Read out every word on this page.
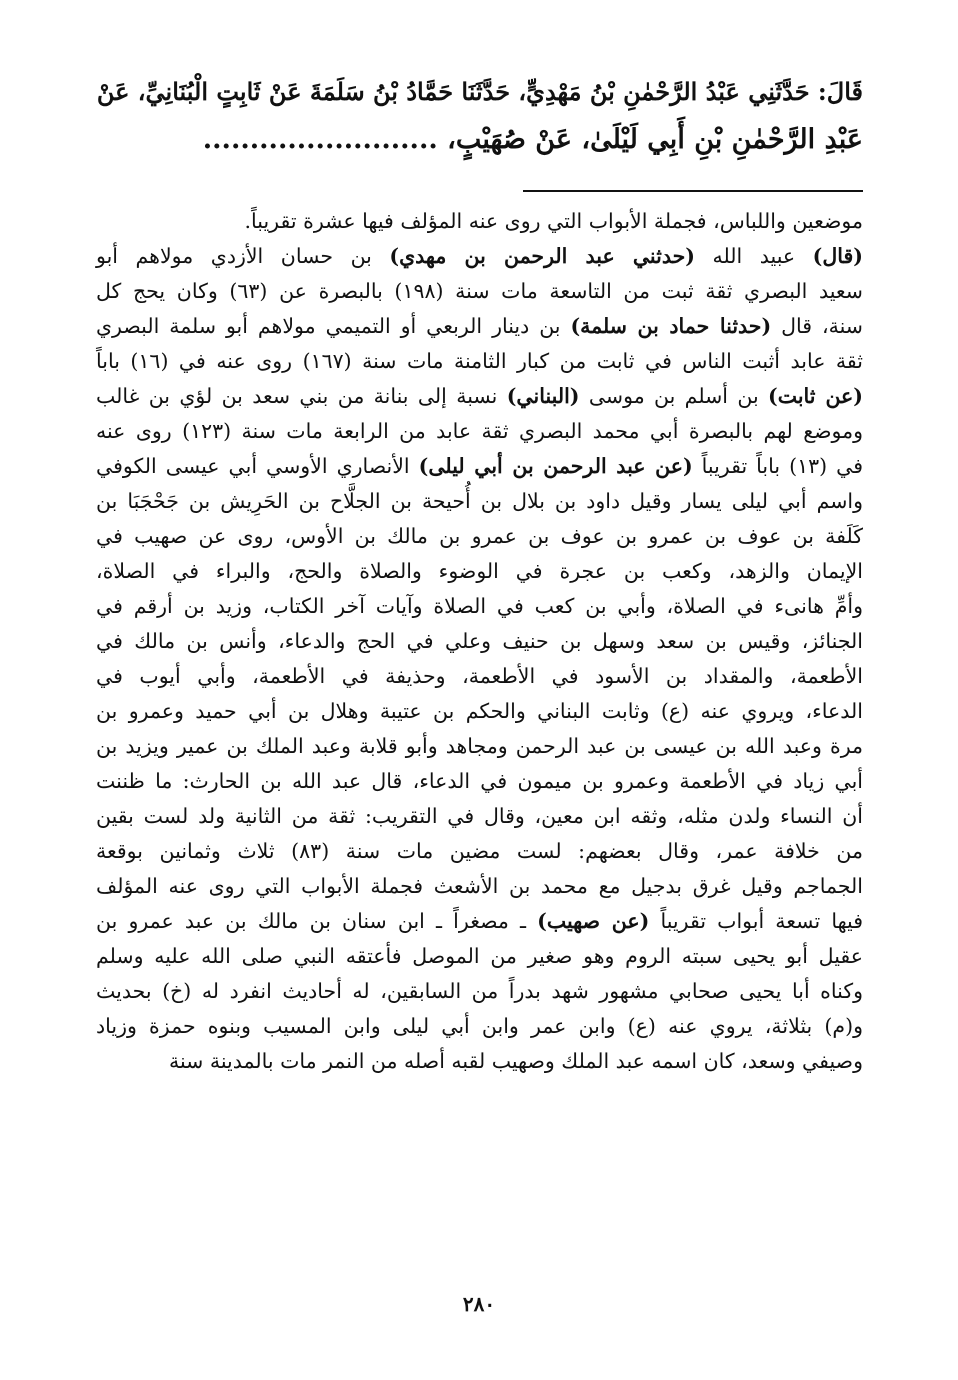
قَالَ: حَدَّثَنِي عَبْدُ الرَّحْمٰنِ بْنُ مَهْدِيٍّ، حَدَّثَنَا حَمَّادُ بْنُ سَلَمَةَ عَنْ ثَابِتٍ الْبُنَانِيِّ، عَنْ
عَبْدِ الرَّحْمٰنِ بْنِ أَبِي لَيْلَىٰ، عَنْ صُهَيْبٍ، .........................
موضعين واللباس، فجملة الأبواب التي روى عنه المؤلف فيها عشرة تقريباً.
(قال) عبيد الله (حدثني عبد الرحمن بن مهدي) بن حسان الأزدي مولاهم أبو
سعيد البصري ثقة ثبت من التاسعة مات سنة (١٩٨) بالبصرة عن (٦٣) وكان يحج كل
سنة، قال (حدثنا حماد بن سلمة) بن دينار الربعي أو التميمي مولاهم أبو سلمة البصري
ثقة عابد أثبت الناس في ثابت من كبار الثامنة مات سنة (١٦٧) روى عنه في (١٦) باباً
(عن ثابت) بن أسلم بن موسى (البناني) نسبة إلى بنانة من بني سعد بن لؤي بن غالب
وموضع لهم بالبصرة أبي محمد البصري ثقة عابد من الرابعة مات سنة (١٢٣) روى عنه
في (١٣) باباً تقريباً (عن عبد الرحمن بن أبي ليلى) الأنصاري الأوسي أبي عيسى الكوفي
واسم أبي ليلى يسار وقيل داود بن بلال بن أُحيحة بن الجلَّاح بن الحَرِيش بن جَحْجَبَا بن
كَلَفة بن عوف بن عمرو بن عوف بن عمرو بن مالك بن الأوس، روى عن صهيب في
الإيمان والزهد، وكعب بن عجرة في الوضوء والصلاة والحج، والبراء في الصلاة،
وأمِّ هانىء في الصلاة، وأبي بن كعب في الصلاة وآيات آخر الكتاب، وزيد بن أرقم في
الجنائز، وقيس بن سعد وسهل بن حنيف وعلي في الحج والدعاء، وأنس بن مالك في
الأطعمة، والمقداد بن الأسود في الأطعمة، وحذيفة في الأطعمة، وأبي أيوب في
الدعاء، ويروي عنه (ع) وثابت البناني والحكم بن عتيبة وهلال بن أبي حميد وعمرو بن
مرة وعبد الله بن عيسى بن عبد الرحمن ومجاهد وأبو قلابة وعبد الملك بن عمير ويزيد بن
أبي زياد في الأطعمة وعمرو بن ميمون في الدعاء، قال عبد الله بن الحارث: ما ظننت
أن النساء ولدن مثله، وثقه ابن معين، وقال في التقريب: ثقة من الثانية ولد لست بقين
من خلافة عمر، وقال بعضهم: لست مضين مات سنة (٨٣) ثلاث وثمانين بوقعة
الجماجم وقيل غرق بدجيل مع محمد بن الأشعث فجملة الأبواب التي روى عنه المؤلف
فيها تسعة أبواب تقريباً (عن صهيب) ـ مصغراً ـ ابن سنان بن مالك بن عبد عمرو بن
عقيل أبو يحيى سبته الروم وهو صغير من الموصل فأعتقه النبي صلى الله عليه وسلم
وكناه أبا يحيى صحابي مشهور شهد بدراً من السابقين، له أحاديث انفرد له (خ) بحديث
و(م) بثلاثة، يروي عنه (ع) وابن عمر وابن أبي ليلى وابن المسيب وبنوه حمزة وزياد
وصيفي وسعد، كان اسمه عبد الملك وصهيب لقبه أصله من النمر مات بالمدينة سنة
٢٨٠
